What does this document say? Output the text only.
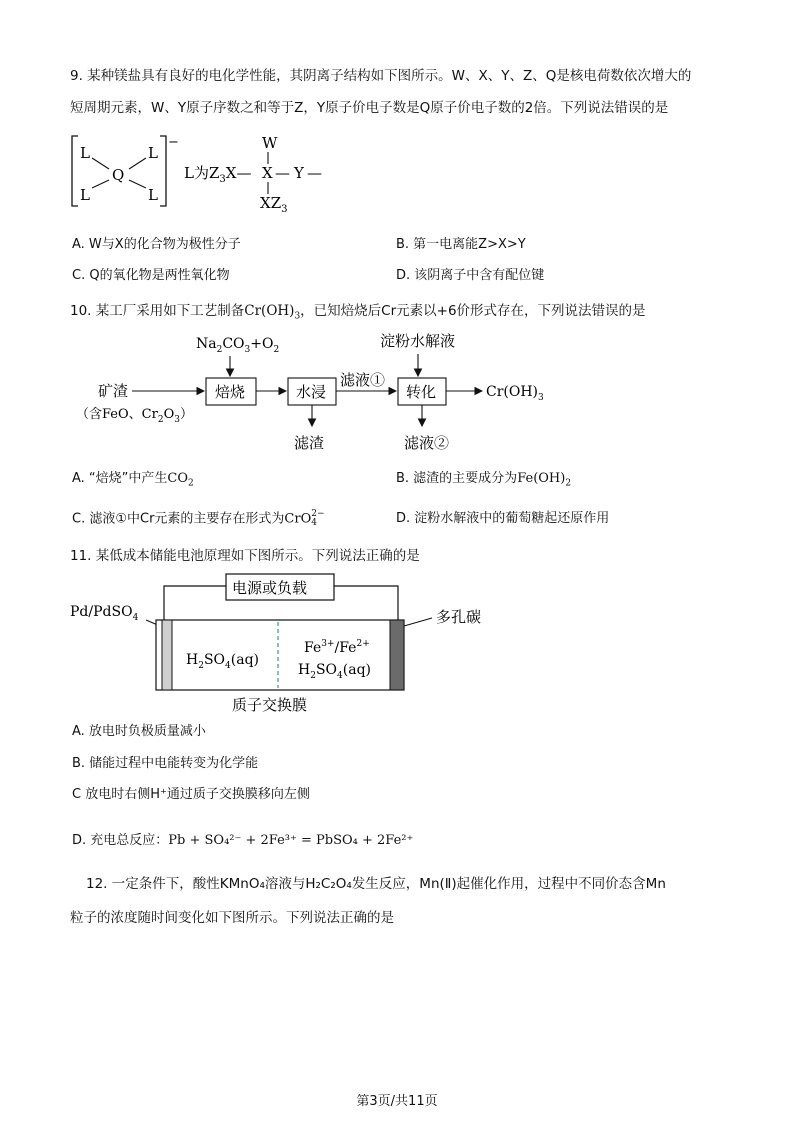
9. 某种镁盐具有良好的电化学性能，其阴离子结构如下图所示。W、X、Y、Z、Q是核电荷数依次增大的
短周期元素，W、Y原子序数之和等于Z，Y原子价电子数是Q原子价电子数的2倍。下列说法错误的是
−
L	L
Q
L	L
L为$Z_3X—$
W
X — Y —
$XZ_3$
A. W与X的化合物为极性分子	B. 第一电离能Z>X>Y
C. Q的氧化物是两性氧化物	D. 该阴离子中含有配位键
10. 某工厂采用如下工艺制备$Cr(OH)_3$，已知焙烧后Cr元素以+6价形式存在，下列说法错误的是
$Na_2CO_3+O_2$	淀粉水解液
矿渣
（含FeO、$Cr_2O_3$）
焙烧	水浸
滤渣
滤液①
转化
滤液②
$Cr(OH)_3$
A. “焙烧”中产生$CO_2$	B. 滤渣的主要成分为$Fe(OH)_2$
C. 滤液①中Cr元素的主要存在形式为CrO 2−
4	D. 淀粉水解液中的葡萄糖起还原作用
11. 某低成本储能电池原理如下图所示。下列说法正确的是
电源或负载
Pd/PdSO$_4$
$H_2SO_4(aq)$
$Fe^{3+}/Fe^{2+}$
$H_2SO_4(aq)$
多孔碳
质子交换膜
A. 放电时负极质量减小
B. 储能过程中电能转变为化学能
C 放电时右侧H⁺通过质子交换膜移向左侧
D. 充电总反应：Pb + SO₄²⁻ + 2Fe³⁺ = PbSO₄ + 2Fe²⁺
12. 一定条件下，酸性KMnO₄溶液与H₂C₂O₄发生反应，Mn(Ⅱ)起催化作用，过程中不同价态含Mn
粒子的浓度随时间变化如下图所示。下列说法正确的是
第3页/共11页
